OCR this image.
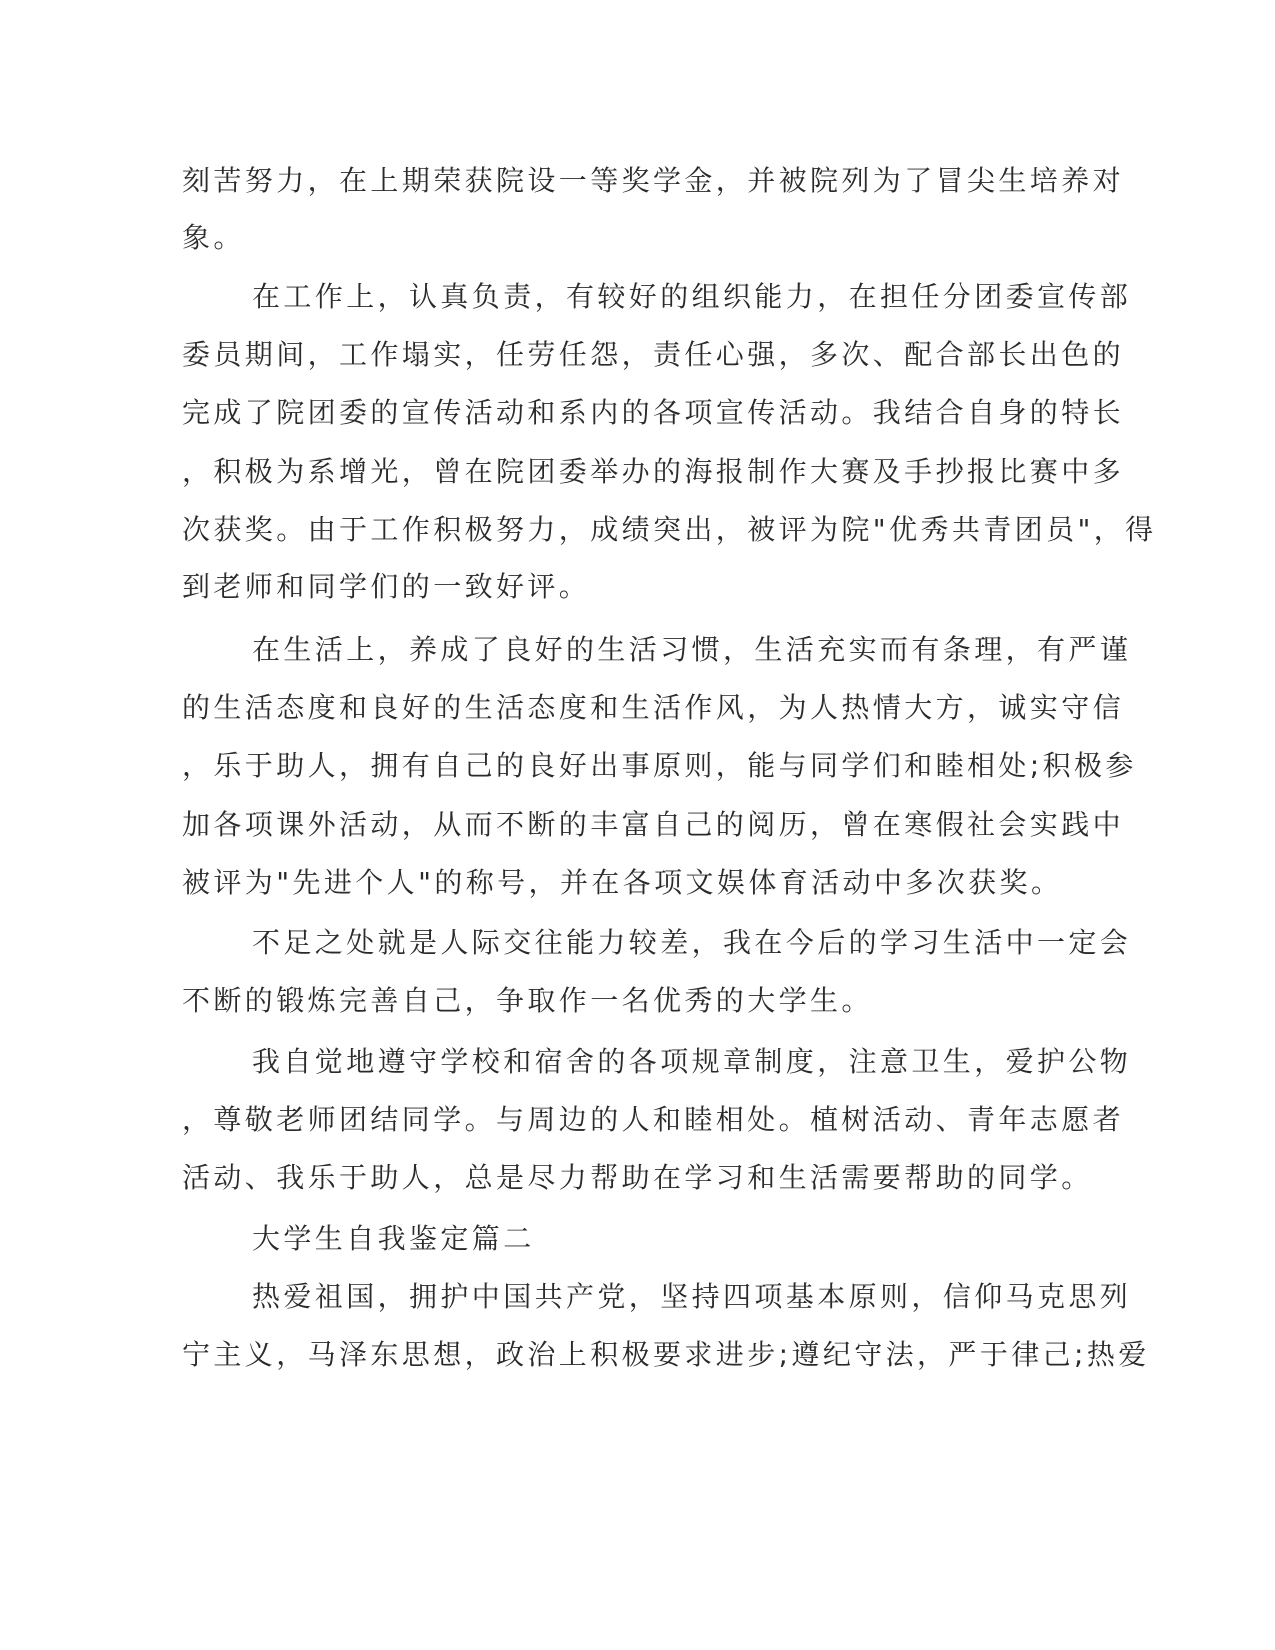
刻苦努力，在上期荣获院设一等奖学金，并被院列为了冒尖生培养对

象。

在工作上，认真负责，有较好的组织能力，在担任分团委宣传部

委员期间，工作塌实，任劳任怨，责任心强，多次、配合部长出色的

完成了院团委的宣传活动和系内的各项宣传活动。我结合自身的特长

，积极为系增光，曾在院团委举办的海报制作大赛及手抄报比赛中多

次获奖。由于工作积极努力，成绩突出，被评为院"优秀共青团员"，得

到老师和同学们的一致好评。

在生活上，养成了良好的生活习惯，生活充实而有条理，有严谨

的生活态度和良好的生活态度和生活作风，为人热情大方，诚实守信

，乐于助人，拥有自己的良好出事原则，能与同学们和睦相处;积极参

加各项课外活动，从而不断的丰富自己的阅历，曾在寒假社会实践中

被评为"先进个人"的称号，并在各项文娱体育活动中多次获奖。

不足之处就是人际交往能力较差，我在今后的学习生活中一定会

不断的锻炼完善自己，争取作一名优秀的大学生。

我自觉地遵守学校和宿舍的各项规章制度，注意卫生，爱护公物

，尊敬老师团结同学。与周边的人和睦相处。植树活动、青年志愿者

活动、我乐于助人，总是尽力帮助在学习和生活需要帮助的同学。

大学生自我鉴定篇二

热爱祖国，拥护中国共产党，坚持四项基本原则，信仰马克思列

宁主义，马泽东思想，政治上积极要求进步;遵纪守法，严于律己;热爱
